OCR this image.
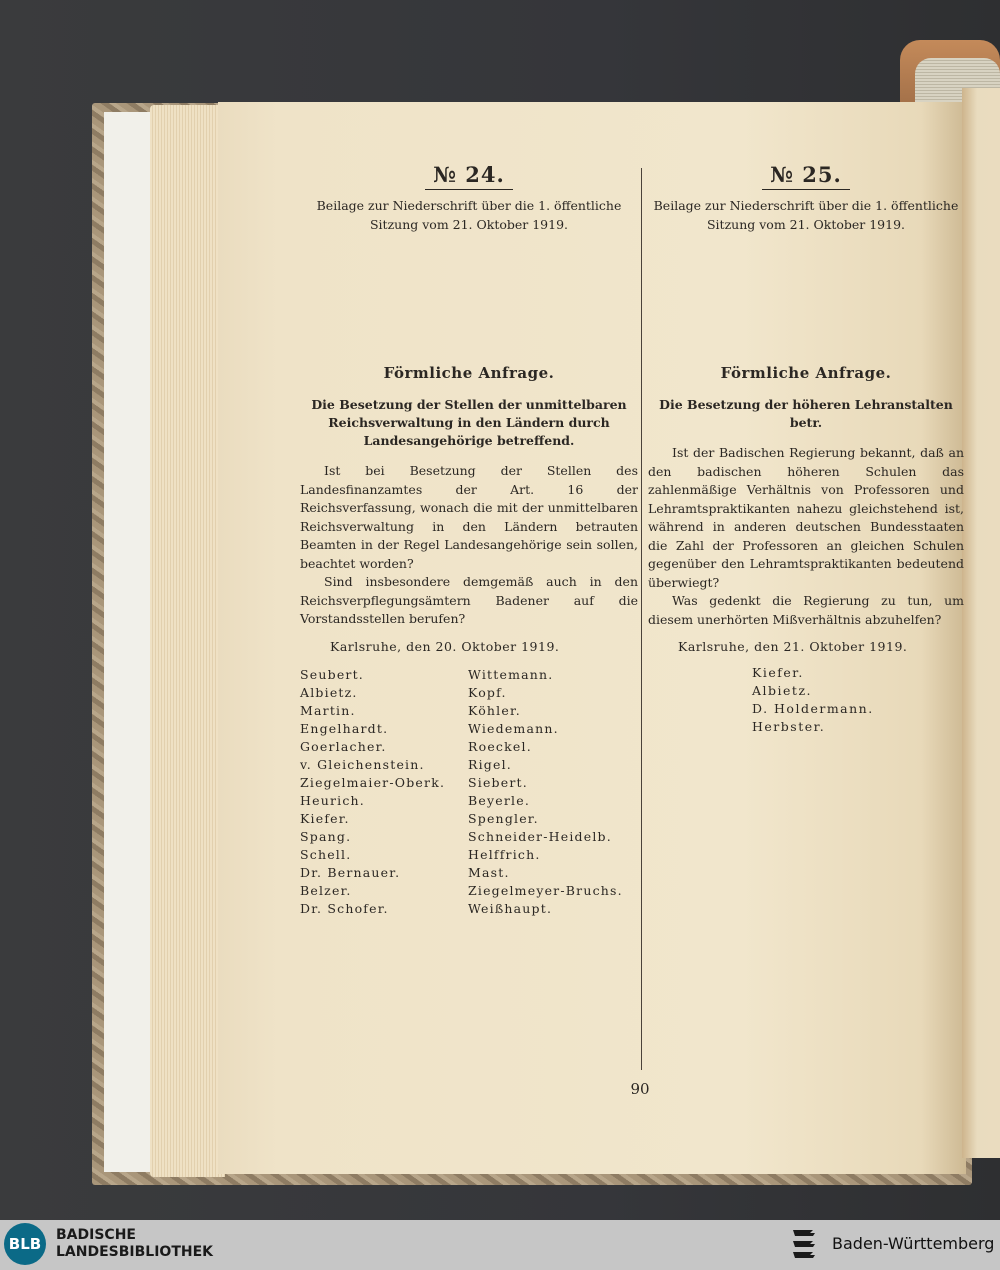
№ 24.
Beilage zur Niederschrift über die 1. öffentliche Sitzung vom 21. Oktober 1919.
Förmliche Anfrage.
Die Besetzung der Stellen der unmittelbaren Reichsverwaltung in den Ländern durch Landesangehörige betreffend.

Ist bei Besetzung der Stellen des Landesfinanzamtes der Art. 16 der Reichsverfassung, wonach die mit der unmittelbaren Reichsverwaltung in den Ländern betrauten Beamten in der Regel Landesangehörige sein sollen, beachtet worden?

Sind insbesondere demgemäß auch in den Reichsverpflegungsämtern Badener auf die Vorstandsstellen berufen?

Karlsruhe, den 20. Oktober 1919.
Seubert.
Albietz.
Martin.
Engelhardt.
Goerlacher.
v. Gleichenstein.
Ziegelmaier-Oberk.
Heurich.
Kiefer.
Spang.
Schell.
Dr. Bernauer.
Belzer.
Dr. Schofer.
Wittemann.
Kopf.
Köhler.
Wiedemann.
Roeckel.
Rigel.
Siebert.
Beyerle.
Spengler.
Schneider-Heidelb.
Helffrich.
Mast.
Ziegelmeyer-Bruchs.
Weißhaupt.
№ 25.
Beilage zur Niederschrift über die 1. öffentliche Sitzung vom 21. Oktober 1919.
Förmliche Anfrage.
Die Besetzung der höheren Lehranstalten betr.

Ist der Badischen Regierung bekannt, daß an den badischen höheren Schulen das zahlenmäßige Verhältnis von Professoren und Lehramtspraktikanten nahezu gleichstehend ist, während in anderen deutschen Bundesstaaten die Zahl der Professoren an gleichen Schulen gegenüber den Lehramtspraktikanten bedeutend überwiegt?

Was gedenkt die Regierung zu tun, um diesem unerhörten Mißverhältnis abzuhelfen?

Karlsruhe, den 21. Oktober 1919.
Kiefer.
Albietz.
D. Holdermann.
Herbster.
90
BLB	BADISCHE
LANDESBIBLIOTHEK	Baden-Württemberg
